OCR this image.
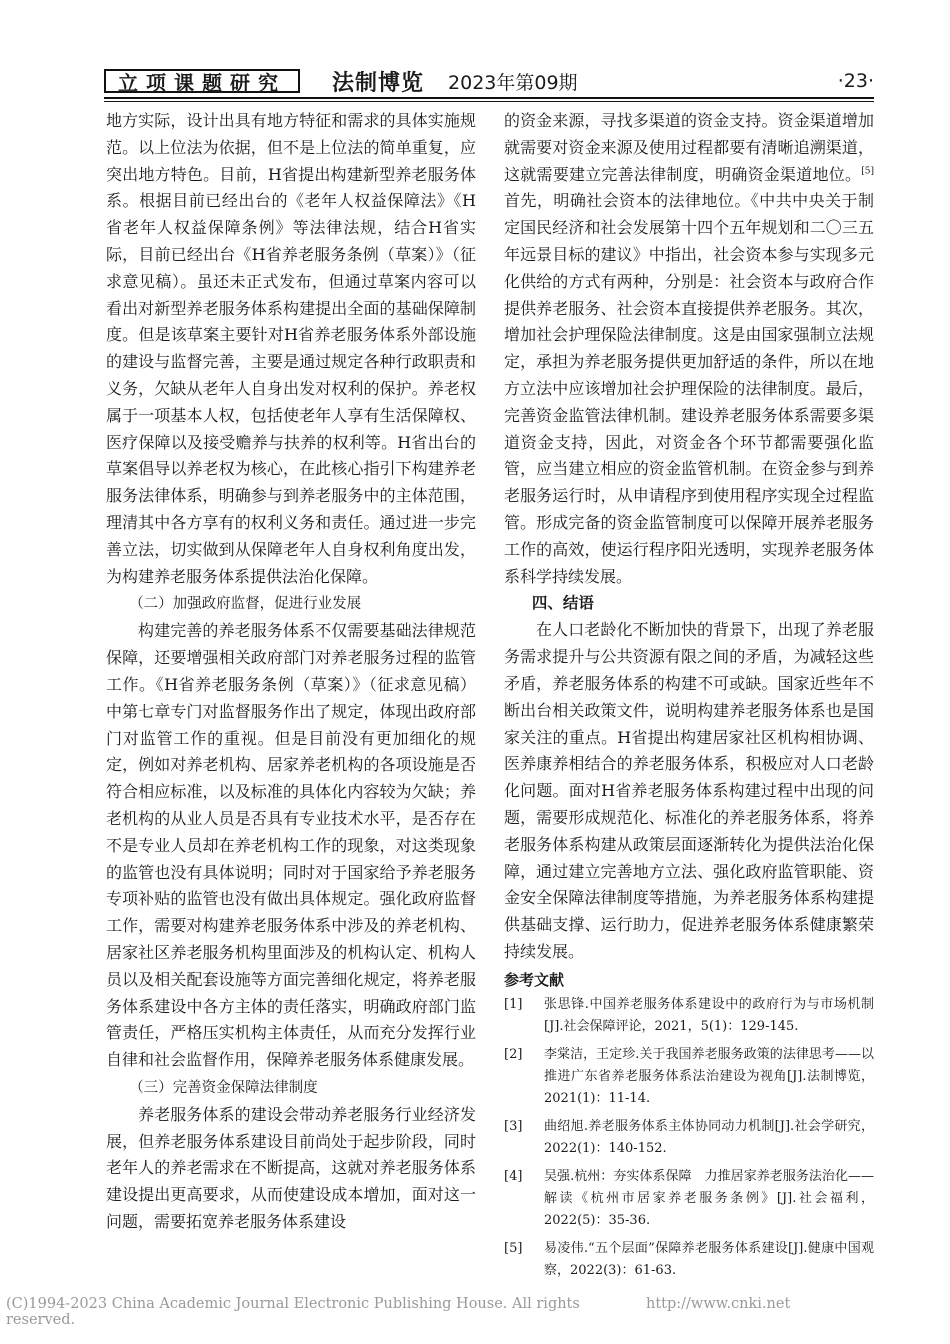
立项课题研究	法制博览 2023年第09期	·23·

地方实际，设计出具有地方特征和需求的具体实施规范。以上位法为依据，但不是上位法的简单重复，应突出地方特色。目前，H省提出构建新型养老服务体系。根据目前已经出台的《老年人权益保障法》《H省老年人权益保障条例》等法律法规，结合H省实际，目前已经出台《H省养老服务条例（草案）》（征求意见稿）。虽还未正式发布，但通过草案内容可以看出对新型养老服务体系构建提出全面的基础保障制度。但是该草案主要针对H省养老服务体系外部设施的建设与监督完善，主要是通过规定各种行政职责和义务，欠缺从老年人自身出发对权利的保护。养老权属于一项基本人权，包括使老年人享有生活保障权、医疗保障以及接受赡养与扶养的权利等。H省出台的草案倡导以养老权为核心，在此核心指引下构建养老服务法律体系，明确参与到养老服务中的主体范围，理清其中各方享有的权利义务和责任。通过进一步完善立法，切实做到从保障老年人自身权利角度出发，为构建养老服务体系提供法治化保障。

（二）加强政府监督，促进行业发展

构建完善的养老服务体系不仅需要基础法律规范保障，还要增强相关政府部门对养老服务过程的监管工作。《H省养老服务条例（草案）》（征求意见稿）中第七章专门对监督服务作出了规定，体现出政府部门对监管工作的重视。但是目前没有更加细化的规定，例如对养老机构、居家养老机构的各项设施是否符合相应标准，以及标准的具体化内容较为欠缺；养老机构的从业人员是否具有专业技术水平，是否存在不是专业人员却在养老机构工作的现象，对这类现象的监管也没有具体说明；同时对于国家给予养老服务专项补贴的监管也没有做出具体规定。强化政府监督工作，需要对构建养老服务体系中涉及的养老机构、居家社区养老服务机构里面涉及的机构认定、机构人员以及相关配套设施等方面完善细化规定，将养老服务体系建设中各方主体的责任落实，明确政府部门监管责任，严格压实机构主体责任，从而充分发挥行业自律和社会监督作用，保障养老服务体系健康发展。

（三）完善资金保障法律制度

养老服务体系的建设会带动养老服务行业经济发展，但养老服务体系建设目前尚处于起步阶段，同时老年人的养老需求在不断提高，这就对养老服务体系建设提出更高要求，从而使建设成本增加，面对这一问题，需要拓宽养老服务体系建设

的资金来源，寻找多渠道的资金支持。资金渠道增加就需要对资金来源及使用过程都要有清晰追溯渠道，这就需要建立完善法律制度，明确资金渠道地位。[5]首先，明确社会资本的法律地位。《中共中央关于制定国民经济和社会发展第十四个五年规划和二〇三五年远景目标的建议》中指出，社会资本参与实现多元化供给的方式有两种，分别是：社会资本与政府合作提供养老服务、社会资本直接提供养老服务。其次，增加社会护理保险法律制度。这是由国家强制立法规定，承担为养老服务提供更加舒适的条件，所以在地方立法中应该增加社会护理保险的法律制度。最后，完善资金监管法律机制。建设养老服务体系需要多渠道资金支持，因此，对资金各个环节都需要强化监管，应当建立相应的资金监管机制。在资金参与到养老服务运行时，从申请程序到使用程序实现全过程监管。形成完备的资金监管制度可以保障开展养老服务工作的高效，使运行程序阳光透明，实现养老服务体系科学持续发展。

四、结语

在人口老龄化不断加快的背景下，出现了养老服务需求提升与公共资源有限之间的矛盾，为减轻这些矛盾，养老服务体系的构建不可或缺。国家近些年不断出台相关政策文件，说明构建养老服务体系也是国家关注的重点。H省提出构建居家社区机构相协调、医养康养相结合的养老服务体系，积极应对人口老龄化问题。面对H省养老服务体系构建过程中出现的问题，需要形成规范化、标准化的养老服务体系，将养老服务体系构建从政策层面逐渐转化为提供法治化保障，通过建立完善地方立法、强化政府监管职能、资金安全保障法律制度等措施，为养老服务体系构建提供基础支撑、运行助力，促进养老服务体系健康繁荣持续发展。

参考文献

[1]	张思锋.中国养老服务体系建设中的政府行为与市场机制[J].社会保障评论，2021，5(1)：129-145.
[2]	李棠洁，王定珍.关于我国养老服务政策的法律思考——以推进广东省养老服务体系法治建设为视角[J].法制博览，2021(1)：11-14.
[3]	曲绍旭.养老服务体系主体协同动力机制[J].社会学研究，2022(1)：140-152.
[4]	吴强.杭州：夯实体系保障　力推居家养老服务法治化——解读《杭州市居家养老服务条例》[J].社会福利，2022(5)：35-36.
[5]	易凌伟.“五个层面”保障养老服务体系建设[J].健康中国观察，2022(3)：61-63.
(C)1994-2023 China Academic Journal Electronic Publishing House. All rights reserved.
http://www.cnki.net
